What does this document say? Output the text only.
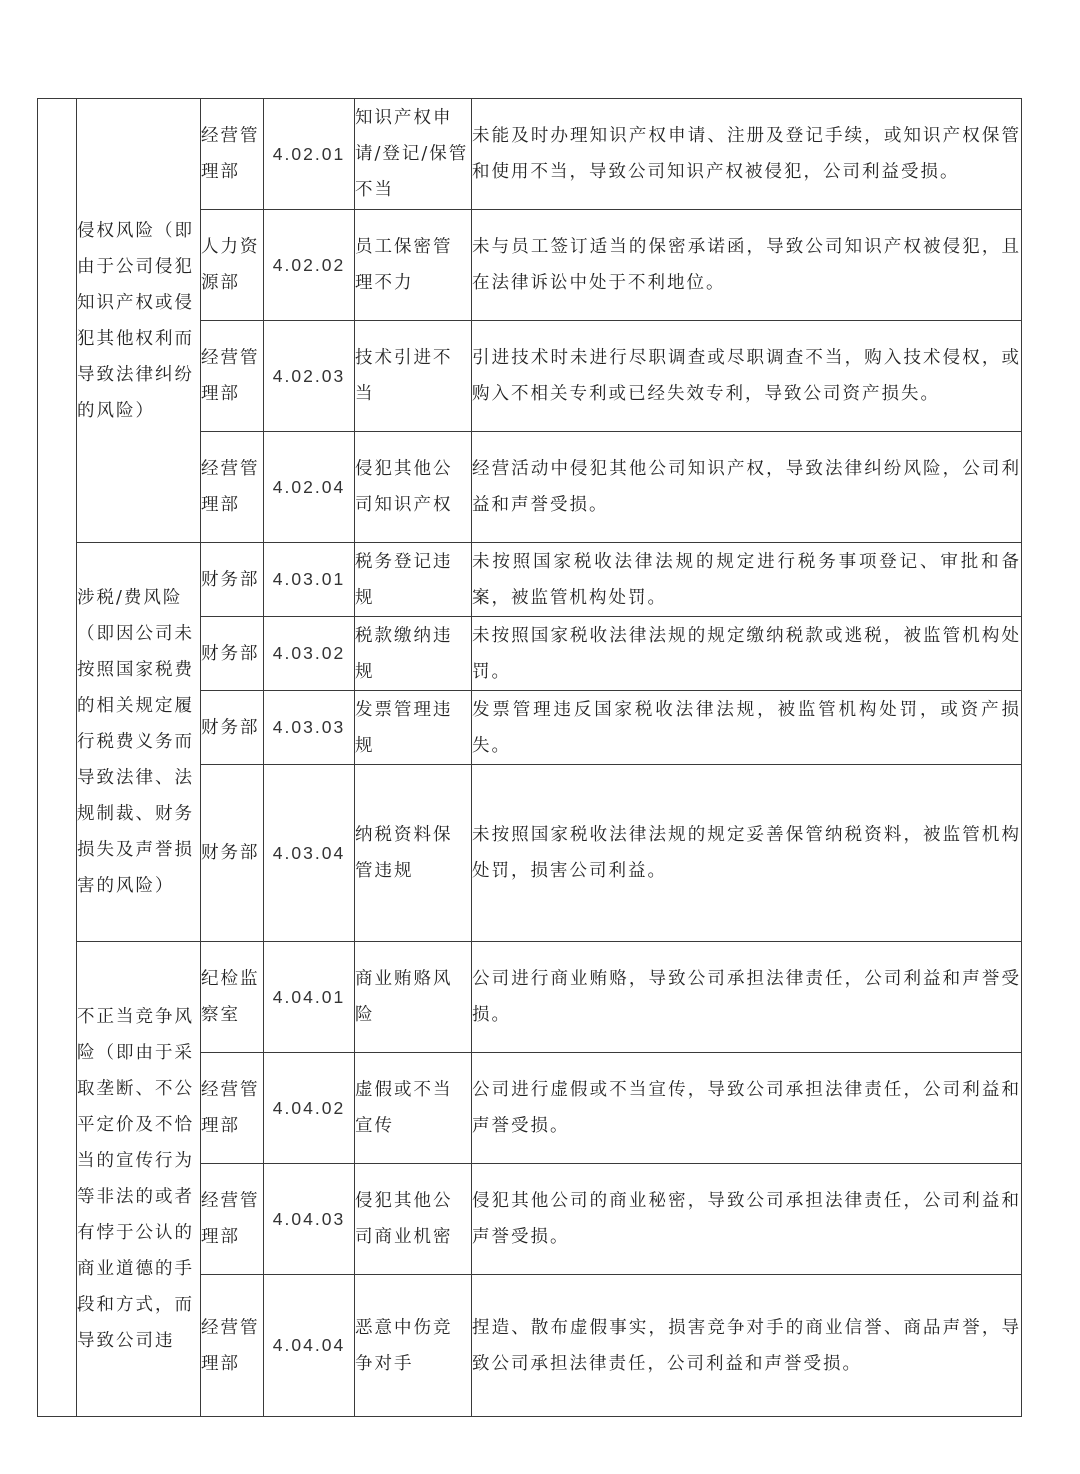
	侵权风险（即由于公司侵犯知识产权或侵犯其他权利而导致法律纠纷的风险）	经营管理部	4.02.01	知识产权申请/登记/保管不当	未能及时办理知识产权申请、注册及登记手续，或知识产权保管和使用不当，导致公司知识产权被侵犯，公司利益受损。
		人力资源部	4.02.02	员工保密管理不力	未与员工签订适当的保密承诺函，导致公司知识产权被侵犯，且在法律诉讼中处于不利地位。
		经营管理部	4.02.03	技术引进不当	引进技术时未进行尽职调查或尽职调查不当，购入技术侵权，或购入不相关专利或已经失效专利，导致公司资产损失。
		经营管理部	4.02.04	侵犯其他公司知识产权	经营活动中侵犯其他公司知识产权，导致法律纠纷风险，公司利益和声誉受损。
	涉税/费风险（即因公司未按照国家税费的相关规定履行税费义务而导致法律、法规制裁、财务损失及声誉损害的风险）	财务部	4.03.01	税务登记违规	未按照国家税收法律法规的规定进行税务事项登记、审批和备案，被监管机构处罚。
		财务部	4.03.02	税款缴纳违规	未按照国家税收法律法规的规定缴纳税款或逃税，被监管机构处罚。
		财务部	4.03.03	发票管理违规	发票管理违反国家税收法律法规，被监管机构处罚，或资产损失。
		财务部	4.03.04	纳税资料保管违规	未按照国家税收法律法规的规定妥善保管纳税资料，被监管机构处罚，损害公司利益。
	不正当竞争风险（即由于采取垄断、不公平定价及不恰当的宣传行为等非法的或者有悖于公认的商业道德的手段和方式，而导致公司违	纪检监察室	4.04.01	商业贿赂风险	公司进行商业贿赂，导致公司承担法律责任，公司利益和声誉受损。
		经营管理部	4.04.02	虚假或不当宣传	公司进行虚假或不当宣传，导致公司承担法律责任，公司利益和声誉受损。
		经营管理部	4.04.03	侵犯其他公司商业机密	侵犯其他公司的商业秘密，导致公司承担法律责任，公司利益和声誉受损。
		经营管理部	4.04.04	恶意中伤竞争对手	捏造、散布虚假事实，损害竞争对手的商业信誉、商品声誉，导致公司承担法律责任，公司利益和声誉受损。
